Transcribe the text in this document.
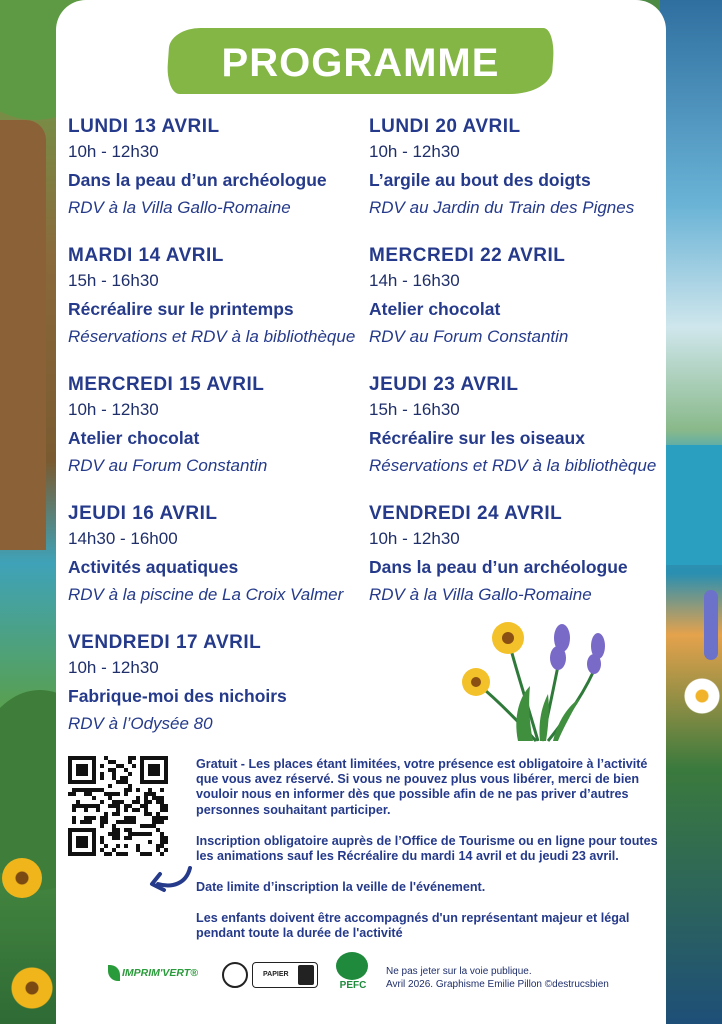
PROGRAMME
LUNDI 13 AVRIL
10h - 12h30
Dans la peau d’un archéologue
RDV à la Villa Gallo-Romaine
MARDI 14 AVRIL
15h - 16h30
Récréalire sur le printemps
Réservations et RDV à la bibliothèque
MERCREDI 15 AVRIL
10h - 12h30
Atelier chocolat
RDV au Forum Constantin
JEUDI 16 AVRIL
14h30 - 16h00
Activités aquatiques
RDV à la piscine de La Croix Valmer
VENDREDI 17 AVRIL
10h - 12h30
Fabrique-moi des nichoirs
RDV à l’Odysée 80
LUNDI 20 AVRIL
10h - 12h30
L’argile au bout des doigts
RDV au Jardin du Train des Pignes
MERCREDI 22 AVRIL
14h - 16h30
Atelier chocolat
RDV au Forum Constantin
JEUDI 23 AVRIL
15h - 16h30
Récréalire sur les oiseaux
Réservations et RDV à la bibliothèque
VENDREDI 24 AVRIL
10h - 12h30
Dans la peau d’un archéologue
RDV à la Villa Gallo-Romaine
Gratuit - Les places étant limitées, votre présence est obligatoire à l’activité que vous avez réservé. Si vous ne pouvez plus vous libérer, merci de bien vouloir nous en informer dès que possible afin de ne pas priver d’autres personnes souhaitant participer.
Inscription obligatoire auprès de l’Office de Tourisme ou en ligne pour toutes les animations sauf les Récréalire du mardi 14 avril et du jeudi 23 avril.
Date limite d’inscription la veille de l'événement.
Les enfants doivent être accompagnés d'un représentant majeur et légal pendant toute la durée de l'activité
IMPRIM'VERT®	PAPIER
PEFC
Ne pas jeter sur la voie publique.
Avril 2026. Graphisme Emilie Pillon ©destrucsbien
